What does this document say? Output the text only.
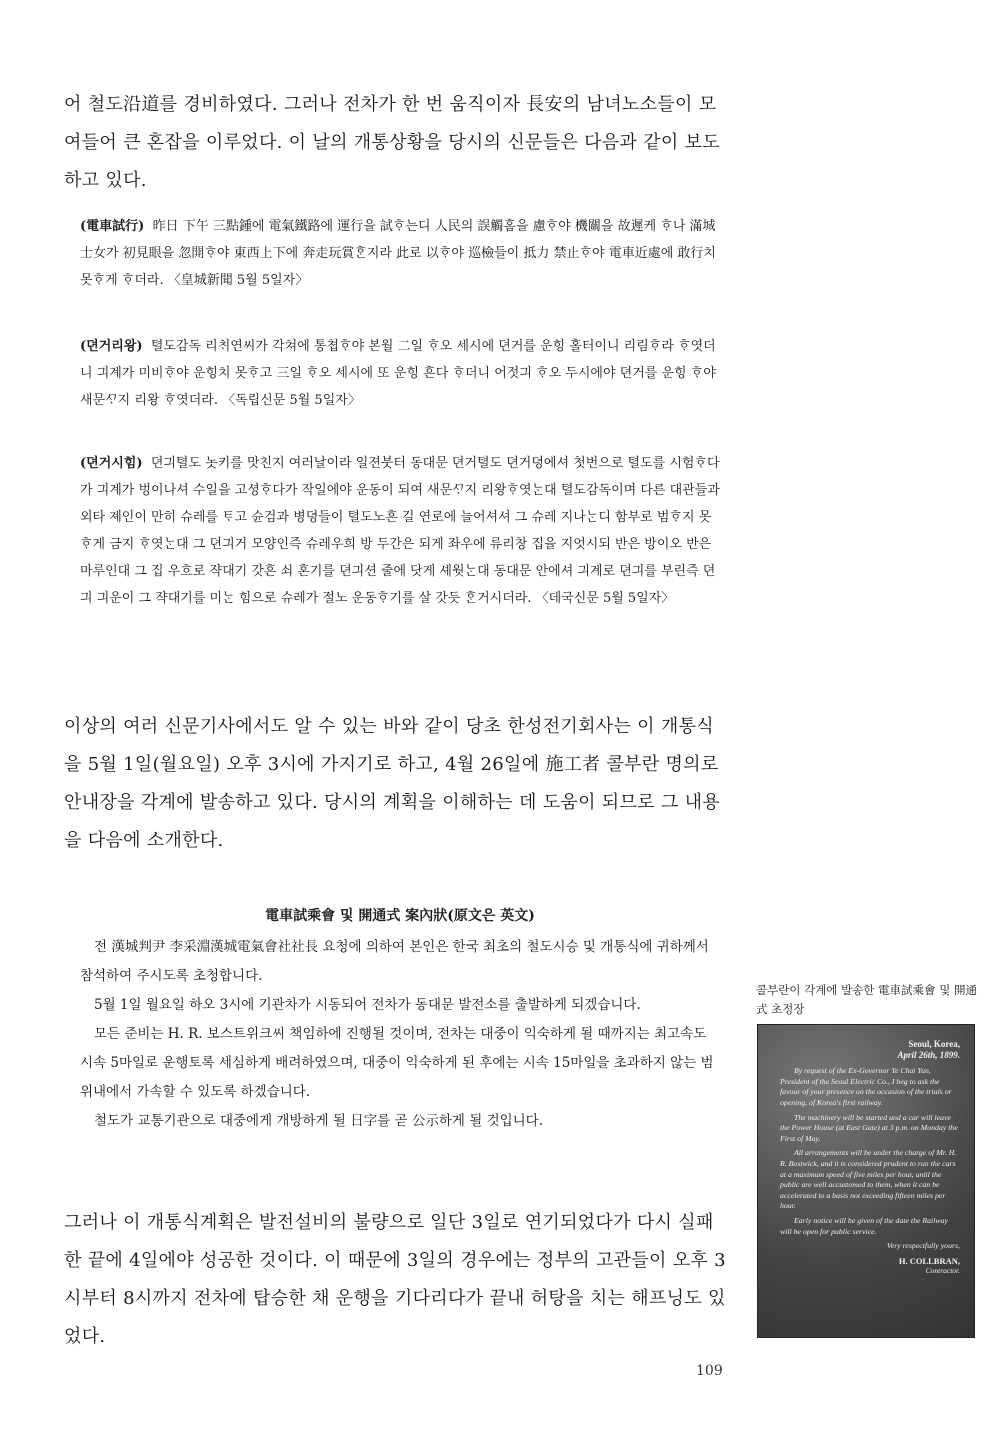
어 철도沿道를 경비하였다. 그러나 전차가 한 번 움직이자 長安의 남녀노소들이 모여들어 큰 혼잡을 이루었다. 이 날의 개통상황을 당시의 신문들은 다음과 같이 보도하고 있다.

(電車試行) 昨日 下午 三點鍾에 電氣鐵路에 運行을 試ᄒᆞ는디 人民의 誤觸홈을 慮ᄒᆞ야 機關을 故遲케 ᄒᆞ나 滿城士女가 初見眼을 忽開ᄒᆞ야 東西上下에 奔走玩賞ᄒᆞᆫ지라 此로 以ᄒᆞ야 巡檢들이 抵力 禁止ᄒᆞ야 電車近處에 敢行치 못ᄒᆞ게 ᄒᆞ더라. 〈皇城新聞 5월 5일자〉

(뎐거리왕) 텰도감독 리ᄎᆡ연씨가 각쳐에 통쳡ᄒᆞ야 본월 二일 ᄒᆞ오 세시에 뎐거를 운힝 홀터이니 리림ᄒᆞ라 ᄒᆞ엿더니 긔계가 미비ᄒᆞ야 운힝치 못ᄒᆞ고 三일 ᄒᆞ오 세시에 또 운힝 흔다 ᄒᆞ더니 어젓긔 ᄒᆞ오 두시에야 뎐거를 운힝 ᄒᆞ야 새문ᄭᆞ지 리왕 ᄒᆞ엿더라. 〈독립신문 5월 5일자〉

(뎐거시힘) 뎐긔텰도 놋키를 맛친지 여러날이라 일젼붓터 동대문 뎐거텰도 뎐거뎡에셔 첫번으로 텰도를 시험ᄒᆞ다가 긔계가 벙이나셔 수일을 고셩ᄒᆞ다가 작일에야 운동이 되여 새문ᄭᆞ지 리왕ᄒᆞ엿ᄂᆞᆫ대 텰도감독이며 다른 대관들과 외타 졔인이 만히 슈레를 ᄐᆞ고 슌검과 병뎡들이 텰도노흔 길 연로에 늘어셔셔 그 슈레 지나ᄂᆞᆫ디 함부로 범ᄒᆞ지 못ᄒᆞ게 금지 ᄒᆞ엿ᄂᆞᆫ대 그 뎐긔거 모양인즉 슈레우희 방 두간은 되게 좌우에 류리창 집을 지엇시되 반은 방이오 반은 마루인대 그 집 우흐로 쟉대기 갓흔 쇠 혼기를 뎐긔션 줄에 닷게 셰웟ᄂᆞᆫ대 동대문 안에셔 긔계로 뎐긔를 부린즉 뎐긔 긔운이 그 쟉대기를 미ᄂᆞᆫ 힘으로 슈레가 절노 운동ᄒᆞ기를 살 갓듯 ᄒᆞᆫ거시더라. 〈데국신문 5월 5일자〉

이상의 여러 신문기사에서도 알 수 있는 바와 같이 당초 한성전기회사는 이 개통식을 5월 1일(월요일) 오후 3시에 가지기로 하고, 4월 26일에 施工者 콜부란 명의로 안내장을 각계에 발송하고 있다. 당시의 계획을 이해하는 데 도움이 되므로 그 내용을 다음에 소개한다.

電車試乘會 및 開通式 案內狀(原文은 英文)

전 漢城判尹 李采淵漢城電氣會社社長 요청에 의하여 본인은 한국 최초의 철도시승 및 개통식에 귀하께서 참석하여 주시도록 초청합니다.

5월 1일 월요일 하오 3시에 기관차가 시동되어 전차가 동대문 발전소를 출발하게 되겠습니다.

모든 준비는 H. R. 보스트위크씨 책임하에 진행될 것이며, 전차는 대중이 익숙하게 될 때까지는 최고속도 시속 5마일로 운행토록 세심하게 배려하였으며, 대중이 익숙하게 된 후에는 시속 15마일을 초과하지 않는 범위내에서 가속할 수 있도록 하겠습니다.

철도가 교통기관으로 대중에게 개방하게 될 日字를 곧 公示하게 될 것입니다.

콜부란이 각계에 발송한 電車試乘會 및 開通式 초정장
Seoul, Korea,
April 26th, 1899.

By request of the Ex-Governor Ye Chai Yun, President of the Seoul Electric Co., I beg to ask the favour of your presence on the occasion of the trials or opening, of Korea's first railway.

The machinery will be started and a car will leave the Power House (at East Gate) at 3 p.m. on Monday the First of May.

All arrangements will be under the charge of Mr. H. R. Bostwick, and it is considered prudent to run the cars at a maximum speed of five miles per hour, until the public are well accustomed to them, when it can be accelerated to a basis not exceeding fifteen miles per hour.

Early notice will be given of the date the Railway will be open for public service.

Very respectfully yours,
H. COLLBRAN,
Contractor.

그러나 이 개통식계획은 발전설비의 불량으로 일단 3일로 연기되었다가 다시 실패한 끝에 4일에야 성공한 것이다. 이 때문에 3일의 경우에는 정부의 고관들이 오후 3시부터 8시까지 전차에 탑승한 채 운행을 기다리다가 끝내 허탕을 치는 해프닝도 있었다.

109
